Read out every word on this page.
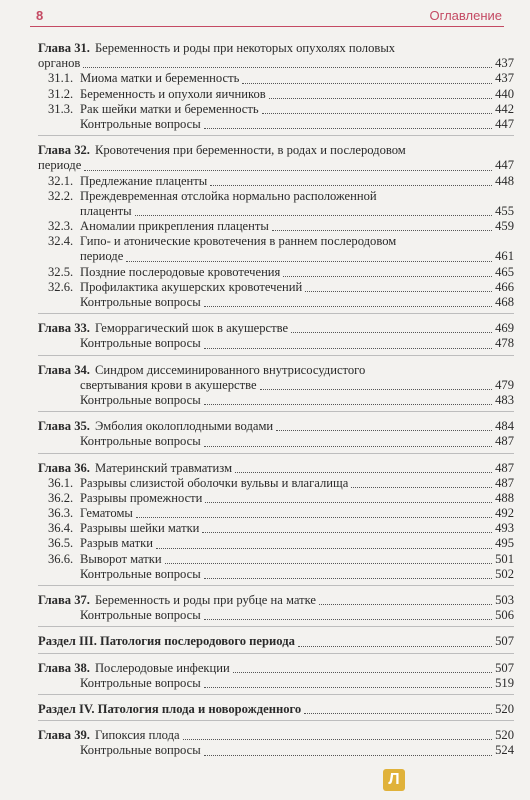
8	Оглавление
Глава 31. Беременность и роды при некоторых опухолях половых
органов	437
31.1. Миома матки и беременность	437
31.2. Беременность и опухоли яичников	440
31.3. Рак шейки матки и беременность	442
Контрольные вопросы	447
Глава 32. Кровотечения при беременности, в родах и послеродовом
периоде	447
32.1. Предлежание плаценты	448
32.2. Преждевременная отслойка нормально расположенной
плаценты	455
32.3. Аномалии прикрепления плаценты	459
32.4. Гипо- и атонические кровотечения в раннем послеродовом
периоде	461
32.5. Поздние послеродовые кровотечения	465
32.6. Профилактика акушерских кровотечений	466
Контрольные вопросы	468
Глава 33. Геморрагический шок в акушерстве	469
Контрольные вопросы	478
Глава 34. Синдром диссеминированного внутрисосудистого
свертывания крови в акушерстве	479
Контрольные вопросы	483
Глава 35. Эмболия околоплодными водами	484
Контрольные вопросы	487
Глава 36. Материнский травматизм	487
36.1. Разрывы слизистой оболочки вульвы и влагалища	487
36.2. Разрывы промежности	488
36.3. Гематомы	492
36.4. Разрывы шейки матки	493
36.5. Разрыв матки	495
36.6. Выворот матки	501
Контрольные вопросы	502
Глава 37. Беременность и роды при рубце на матке	503
Контрольные вопросы	506
Раздел III. Патология послеродового периода	507
Глава 38. Послеродовые инфекции	507
Контрольные вопросы	519
Раздел IV. Патология плода и новорожденного	520
Глава 39. Гипоксия плода	520
Контрольные вопросы	524
Л
